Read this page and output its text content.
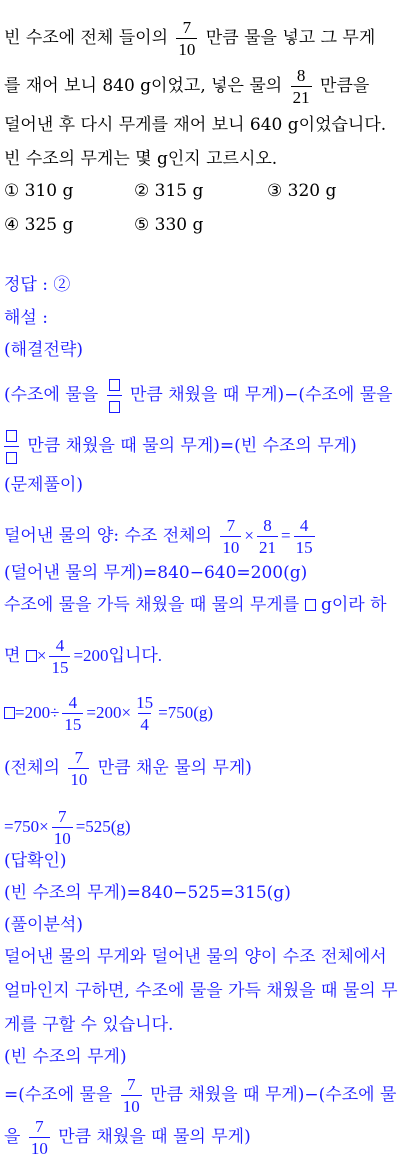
빈 수조에 전체 들이의 $\frac{7}{10}$ 만큼 물을 넣고 그 무게
를 재어 보니 840 g이었고, 넣은 물의 $\frac{8}{21}$ 만큼을
덜어낸 후 다시 무게를 재어 보니 640 g이었습니다.
빈 수조의 무게는 몇 g인지 고르시오.
① 310 g	② 315 g	③ 320 g
④ 325 g	⑤ 330 g
정답 : ②
해설 :
(해결전략)
(수조에 물을 만큼 채웠을 때 무게)−(수조에 물을
만큼 채웠을 때 물의 무게)=(빈 수조의 무게)
(문제풀이)
덜어낸 물의 양: 수조 전체의 $\frac{7}{10} \times \frac{8}{21} = \frac{4}{15}$
(덜어낸 물의 무게)=840−640=200(g)
수조에 물을 가득 채웠을 때 물의 무게를 g이라 하
면 × $\frac{4}{15} =200$입니다.
$=200\div \frac{4}{15} =200\times \frac{15}{4} =750(g)$
(전체의 $\frac{7}{10}$ 만큼 채운 물의 무게)
$=750\times \frac{7}{10} =525(g)$
(답확인)
(빈 수조의 무게)=840−525=315(g)
(풀이분석)
덜어낸 물의 무게와 덜어낸 물의 양이 수조 전체에서
얼마인지 구하면, 수조에 물을 가득 채웠을 때 물의 무
게를 구할 수 있습니다.
(빈 수조의 무게)
=(수조에 물을 $\frac{7}{10}$ 만큼 채웠을 때 무게)−(수조에 물
을 $\frac{7}{10}$ 만큼 채웠을 때 물의 무게)
